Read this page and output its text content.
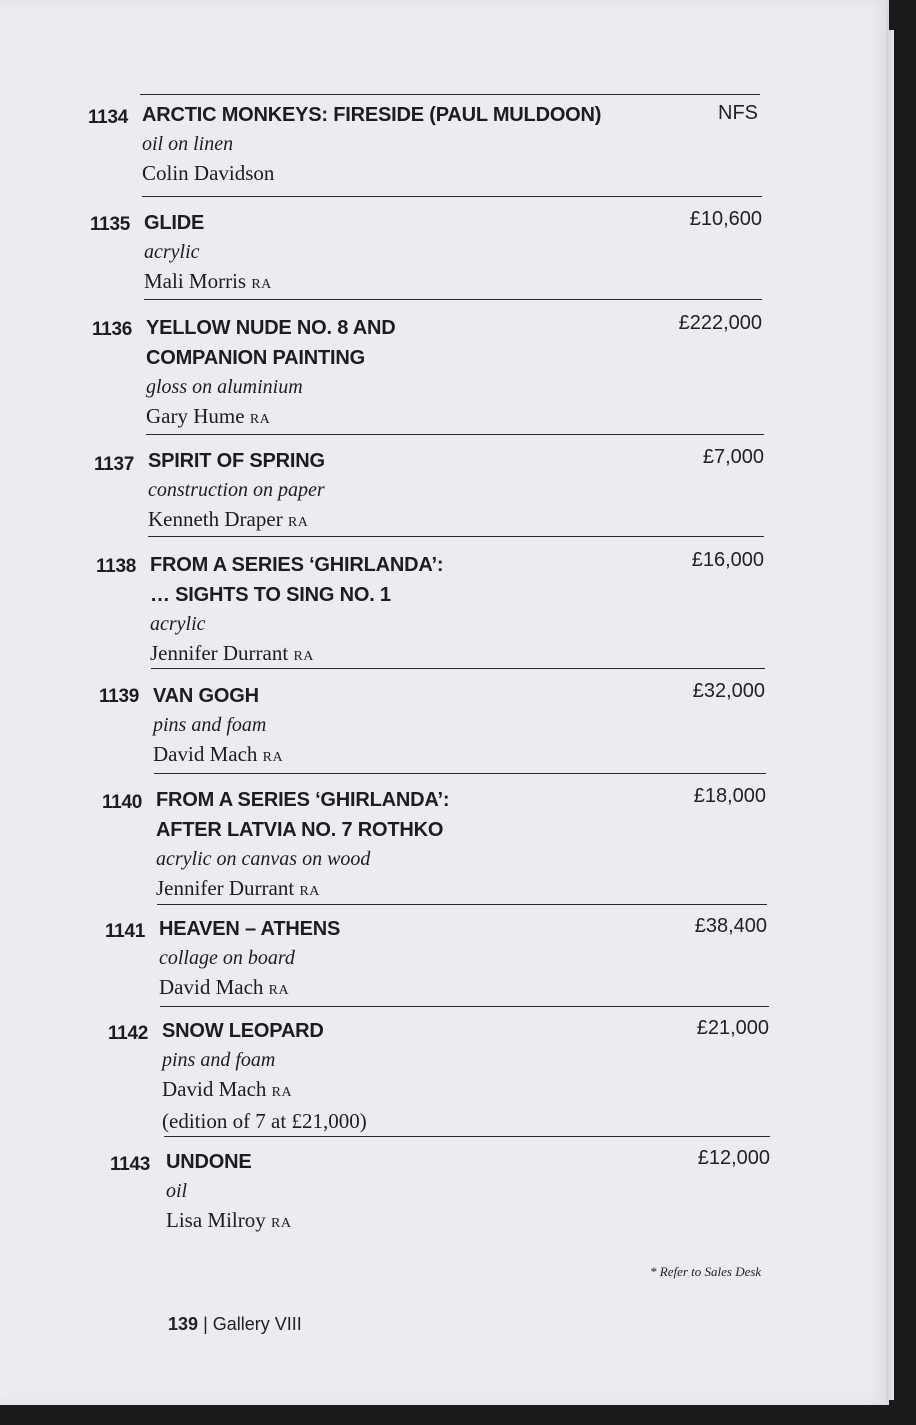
1134 ARCTIC MONKEYS: FIRESIDE (PAUL MULDOON)
oil on linen
Colin Davidson
NFS
1135 GLIDE
acrylic
Mali Morris RA
£10,600
1136 YELLOW NUDE NO. 8 AND
COMPANION PAINTING
gloss on aluminium
Gary Hume RA
£222,000
1137 SPIRIT OF SPRING
construction on paper
Kenneth Draper RA
£7,000
1138 FROM A SERIES ‘GHIRLANDA’:
… SIGHTS TO SING NO. 1
acrylic
Jennifer Durrant RA
£16,000
1139 VAN GOGH
pins and foam
David Mach RA
£32,000
1140 FROM A SERIES ‘GHIRLANDA’:
AFTER LATVIA NO. 7 ROTHKO
acrylic on canvas on wood
Jennifer Durrant RA
£18,000
1141 HEAVEN – ATHENS
collage on board
David Mach RA
£38,400
1142 SNOW LEOPARD
pins and foam
David Mach RA
(edition of 7 at £21,000)
£21,000
1143 UNDONE
oil
Lisa Milroy RA
£12,000
* Refer to Sales Desk
139 | Gallery VIII
